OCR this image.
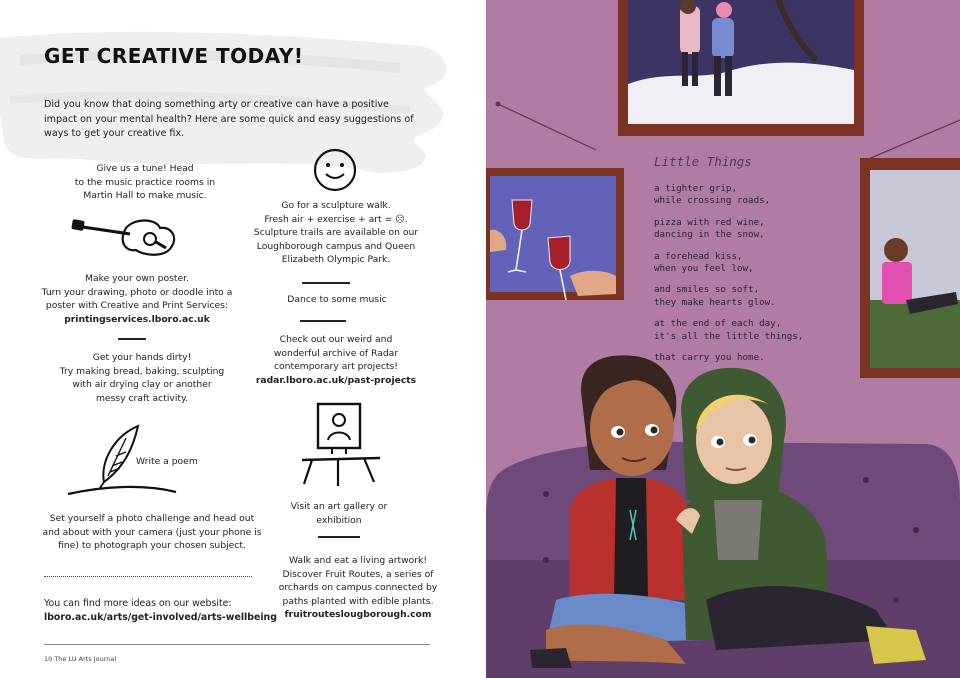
GET CREATIVE TODAY!
Did you know that doing something arty or creative can have a positive impact on your mental health? Here are some quick and easy suggestions of ways to get your creative fix.
Give us a tune! Head
to the music practice rooms in
Martin Hall to make music.
Go for a sculpture walk.
Fresh air + exercise + art = ☹.
Sculpture trails are available on our
Loughborough campus and Queen
Elizabeth Olympic Park.
Make your own poster.
Turn your drawing, photo or doodle into a
poster with Creative and Print Services:
printingservices.lboro.ac.uk
Dance to some music
Check out our weird and
wonderful archive of Radar
contemporary art projects!
radar.lboro.ac.uk/past-projects
Get your hands dirty!
Try making bread, baking, sculpting
with air drying clay or another
messy craft activity.
Write a poem
Visit an art gallery or
exhibition
Set yourself a photo challenge and head out
and about with your camera (just your phone is
fine) to photograph your chosen subject.
Walk and eat a living artwork!
Discover Fruit Routes, a series of
orchards on campus connected by
paths planted with edible plants.
fruitrouteslougborough.com
You can find more ideas on our website:
lboro.ac.uk/arts/get-involved/arts-wellbeing
10 The LU Arts Journal
Little Things
a tighter grip,
while crossing roads,
pizza with red wine,
dancing in the snow,
a forehead kiss,
when you feel low,
and smiles so soft,
they make hearts glow.
at the end of each day,
it's all the little things,
that carry you home.
